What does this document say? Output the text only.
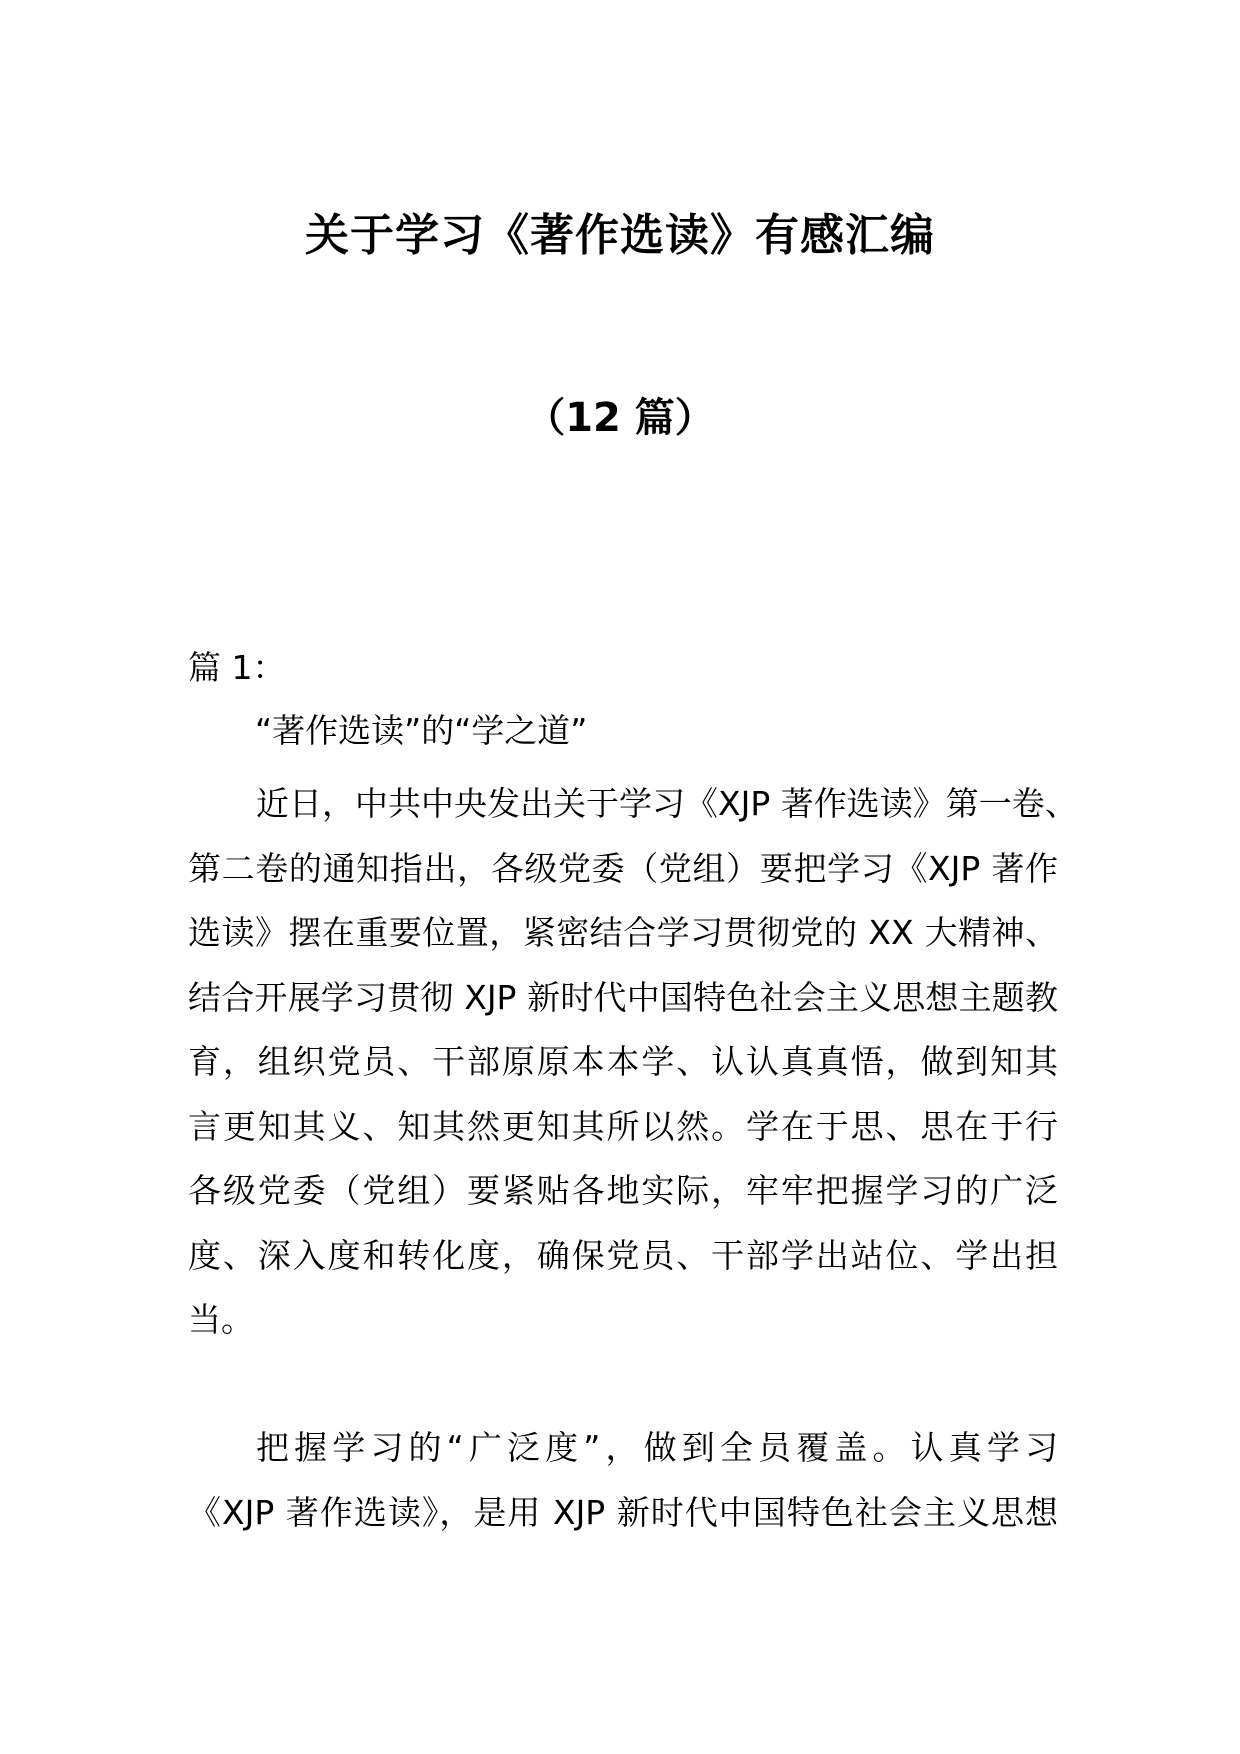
关于学习《著作选读》有感汇编
（12 篇）
篇 1：
“著作选读”的“学之道”
近日，中共中央发出关于学习《XJP 著作选读》第一卷、
第二卷的通知指出，各级党委（党组）要把学习《XJP 著作
选读》摆在重要位置，紧密结合学习贯彻党的 XX 大精神、
结合开展学习贯彻 XJP 新时代中国特色社会主义思想主题教
育，组织党员、干部原原本本学、认认真真悟，做到知其
言更知其义、知其然更知其所以然。学在于思、思在于行
各级党委（党组）要紧贴各地实际，牢牢把握学习的广泛
度、深入度和转化度，确保党员、干部学出站位、学出担
当。
把握学习的“广泛度”，做到全员覆盖。认真学习
《XJP 著作选读》，是用 XJP 新时代中国特色社会主义思想
